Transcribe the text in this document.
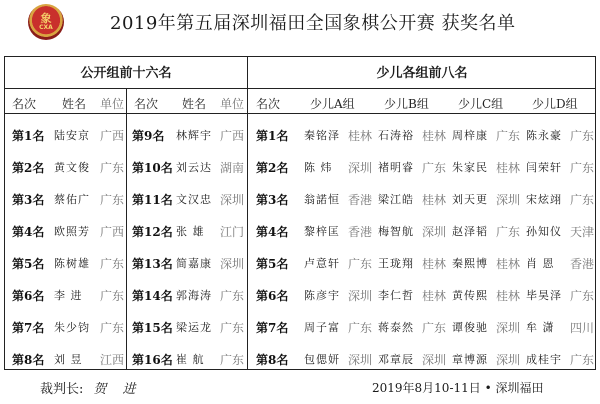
象
CXA	2019年第五届深圳福田全国象棋公开赛 获奖名单
公开组前十六名
名次 姓名 单位 名次 姓名 单位
第1名 陆安京 广西 第9名 林辉宇 广西
第2名 黄文俊 广东 第10名 刘云达 湖南
第3名 蔡佑广 广东 第11名 文汉忠 深圳
第4名 欧照芳 广西 第12名 张 雄 江门
第5名 陈树雄 广东 第13名 简嘉康 深圳
第6名 李 进 广东 第14名 郭海涛 广东
第7名 朱少钧 广东 第15名 梁运龙 广东
第8名 刘 昱 江西 第16名 崔 航 广东
少儿各组前八名
名次 少儿A组 少儿B组 少儿C组 少儿D组
第1名 秦铭泽 桂林 石涛裕 桂林 周梓康 广东 陈永豪 广东
第2名 陈 炜 深圳 褚明睿 广东 朱家民 桂林 闫荣轩 广东
第3名 翁諾恒 香港 梁江皓 桂林 刘天更 深圳 宋炫翊 广东
第4名 黎梓匡 香港 梅智航 深圳 赵泽韬 广东 孙知仪 天津
第5名 卢意轩 广东 王珑翔 桂林 秦熙博 桂林 肖 恩 香港
第6名 陈彦宇 深圳 李仁哲 桂林 黄传熙 桂林 毕昊泽 广东
第7名 周子富 广东 蒋泰然 广东 谭俊驰 深圳 牟 潇 四川
第8名 包偲妍 深圳 邓章辰 深圳 章博源 深圳 成桂宇 广东
裁判长: 贺 进	2019年8月10-11日 • 深圳福田
